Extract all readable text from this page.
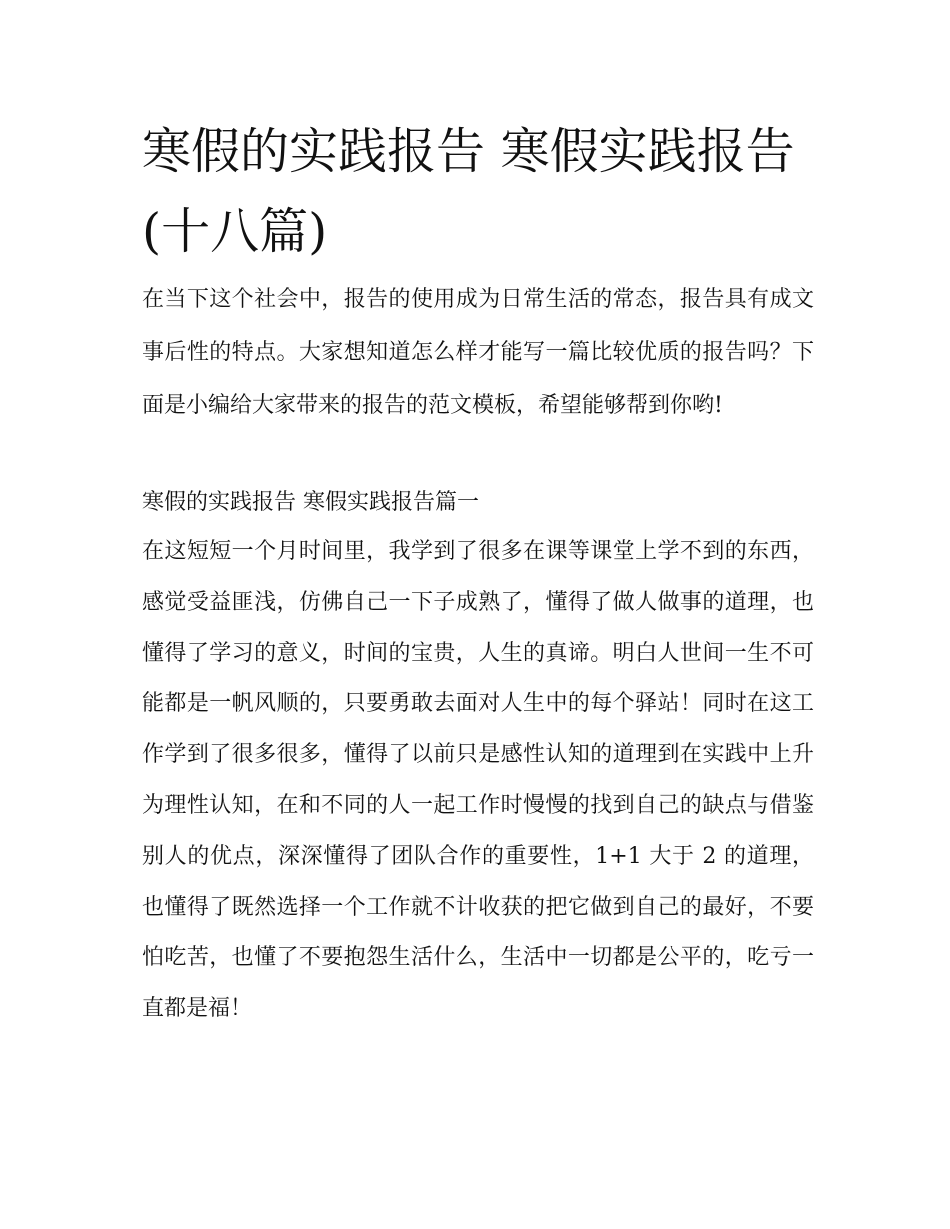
寒假的实践报告 寒假实践报告
(十八篇)

在当下这个社会中，报告的使用成为日常生活的常态，报告具有成文事后性的特点。大家想知道怎么样才能写一篇比较优质的报告吗？下面是小编给大家带来的报告的范文模板，希望能够帮到你哟!

寒假的实践报告 寒假实践报告篇一

在这短短一个月时间里，我学到了很多在课等课堂上学不到的东西，感觉受益匪浅，仿佛自己一下子成熟了，懂得了做人做事的道理，也懂得了学习的意义，时间的宝贵，人生的真谛。明白人世间一生不可能都是一帆风顺的，只要勇敢去面对人生中的每个驿站！同时在这工作学到了很多很多，懂得了以前只是感性认知的道理到在实践中上升为理性认知，在和不同的人一起工作时慢慢的找到自己的缺点与借鉴别人的优点，深深懂得了团队合作的重要性，1+1 大于 2 的道理，也懂得了既然选择一个工作就不计收获的把它做到自己的最好，不要怕吃苦，也懂了不要抱怨生活什么，生活中一切都是公平的，吃亏一直都是福！
